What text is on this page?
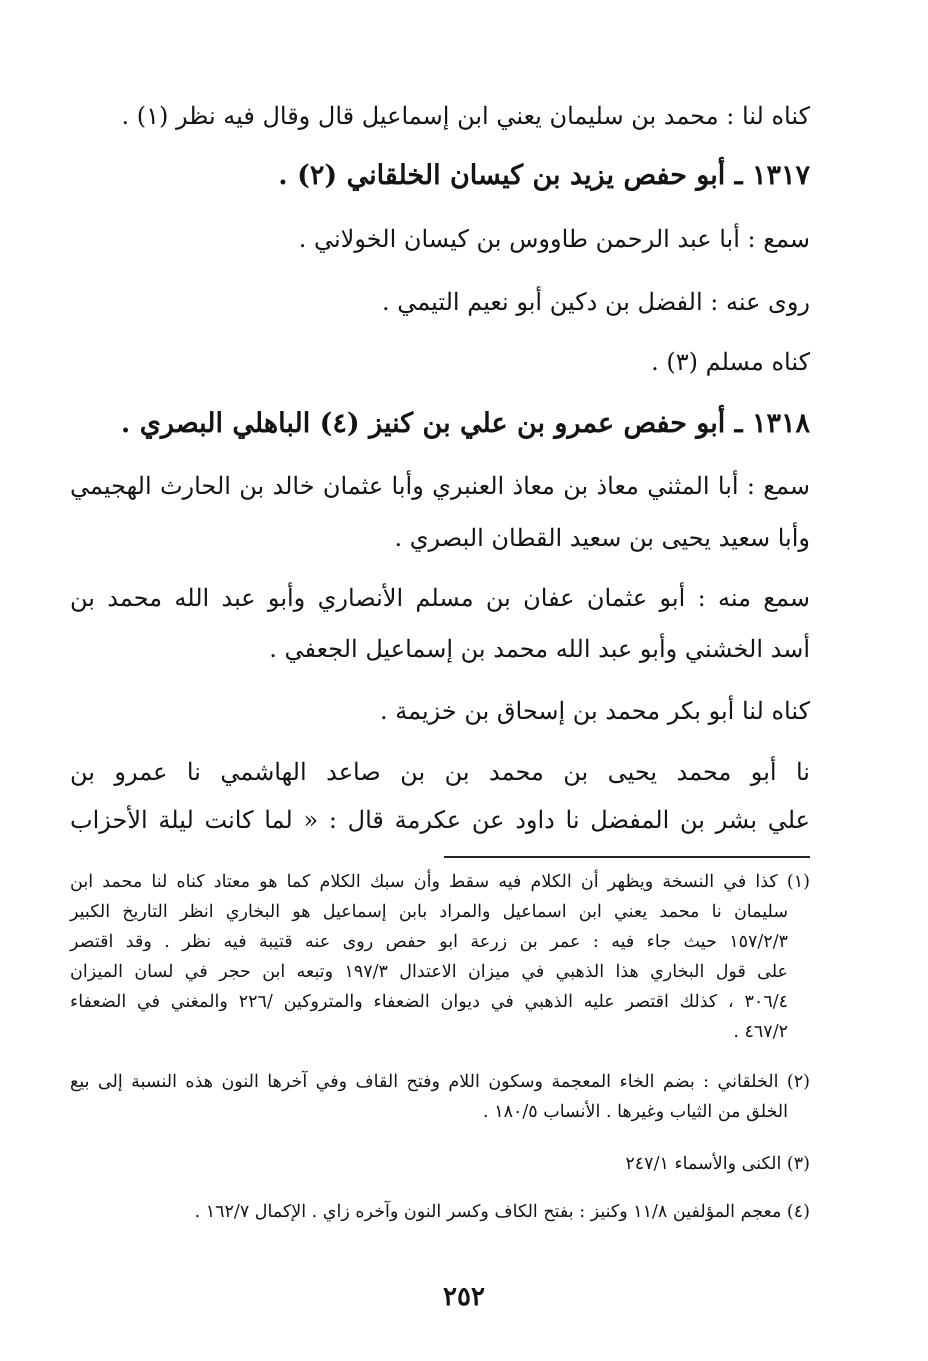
كناه لنا : محمد بن سليمان يعني ابن إسماعيل قال وقال فيه نظر (١) .
١٣١٧ ـ أبو حفص يزيد بن كيسان الخلقاني (٢) .
سمع : أبا عبد الرحمن طاووس بن كيسان الخولاني .
روى عنه : الفضل بن دكين أبو نعيم التيمي .
كناه مسلم (٣) .
١٣١٨ ـ أبو حفص عمرو بن علي بن كنيز (٤) الباهلي البصري .
سمع : أبا المثني معاذ بن معاذ العنبري وأبا عثمان خالد بن الحارث الهجيمي
وأبا سعيد يحيى بن سعيد القطان البصري .
سمع منه : أبو عثمان عفان بن مسلم الأنصاري وأبو عبد الله محمد بن
أسد الخشني وأبو عبد الله محمد بن إسماعيل الجعفي .
كناه لنا أبو بكر محمد بن إسحاق بن خزيمة .
نا أبو محمد يحيى بن محمد بن بن صاعد الهاشمي نا عمرو بن
علي بشر بن المفضل نا داود عن عكرمة قال : « لما كانت ليلة الأحزاب
(١) كذا في النسخة ويظهر أن الكلام فيه سقط وأن سبك الكلام كما هو معتاد كناه لنا محمد ابن
سليمان نا محمد يعني ابن اسماعيل والمراد بابن إسماعيل هو البخاري انظر التاريخ الكبير
١٥٧/٢/٣ حيث جاء فيه : عمر بن زرعة ابو حفص روى عنه قتيبة فيه نظر . وقد اقتصر
على قول البخاري هذا الذهبي في ميزان الاعتدال ١٩٧/٣ وتبعه ابن حجر في لسان الميزان
٣٠٦/٤ ، كذلك اقتصر عليه الذهبي في ديوان الضعفاء والمتروكين /٢٢٦ والمغني في الضعفاء
٤٦٧/٢ .
(٢) الخلقاني : بضم الخاء المعجمة وسكون اللام وفتح القاف وفي آخرها النون هذه النسبة إلى بيع
الخلق من الثياب وغيرها . الأنساب ١٨٠/٥ .
(٣) الكنى والأسماء ٢٤٧/١
(٤) معجم المؤلفين ١١/٨ وكنيز : بفتح الكاف وكسر النون وآخره زاي . الإكمال ١٦٢/٧ .
٢٥٢
